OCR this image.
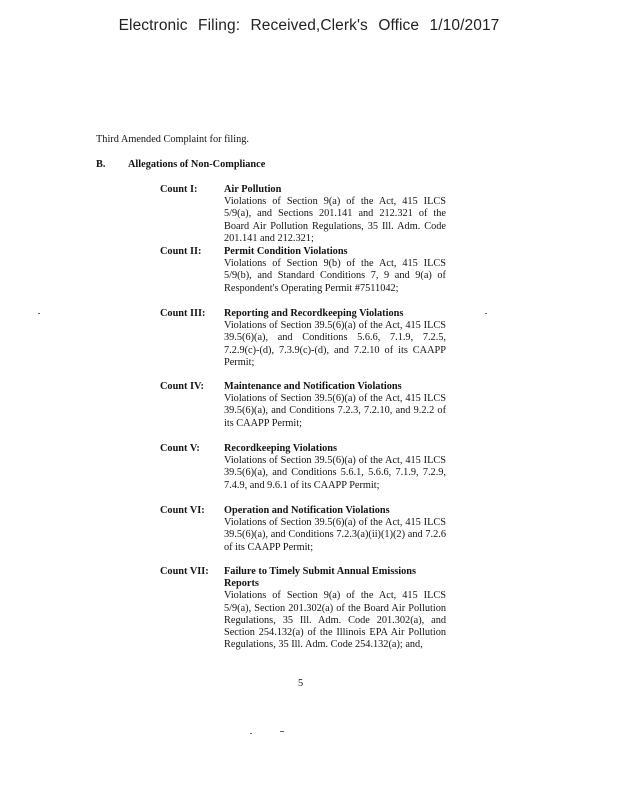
Electronic Filing: Received,Clerk's Office 1/10/2017
Third Amended Complaint for filing.
B. Allegations of Non-Compliance
Count I:	Air Pollution
Violations of Section 9(a) of the Act, 415 ILCS 5/9(a), and Sections 201.141 and 212.321 of the Board Air Pollution Regulations, 35 Ill. Adm. Code 201.141 and 212.321;
Count II:	Permit Condition Violations
Violations of Section 9(b) of the Act, 415 ILCS 5/9(b), and Standard Conditions 7, 9 and 9(a) of Respondent's Operating Permit #7511042;
Count III:	Reporting and Recordkeeping Violations
Violations of Section 39.5(6)(a) of the Act, 415 ILCS 39.5(6)(a), and Conditions 5.6.6, 7.1.9, 7.2.5, 7.2.9(c)-(d), 7.3.9(c)-(d), and 7.2.10 of its CAAPP Permit;
Count IV:	Maintenance and Notification Violations
Violations of Section 39.5(6)(a) of the Act, 415 ILCS 39.5(6)(a), and Conditions 7.2.3, 7.2.10, and 9.2.2 of its CAAPP Permit;
Count V:	Recordkeeping Violations
Violations of Section 39.5(6)(a) of the Act, 415 ILCS 39.5(6)(a), and Conditions 5.6.1, 5.6.6, 7.1.9, 7.2.9, 7.4.9, and 9.6.1 of its CAAPP Permit;
Count VI:	Operation and Notification Violations
Violations of Section 39.5(6)(a) of the Act, 415 ILCS 39.5(6)(a), and Conditions 7.2.3(a)(ii)(1)(2) and 7.2.6 of its CAAPP Permit;
Count VII:	Failure to Timely Submit Annual Emissions Reports
Violations of Section 9(a) of the Act, 415 ILCS 5/9(a), Section 201.302(a) of the Board Air Pollution Regulations, 35 Ill. Adm. Code 201.302(a), and Section 254.132(a) of the Illinois EPA Air Pollution Regulations, 35 Ill. Adm. Code 254.132(a); and,
5
